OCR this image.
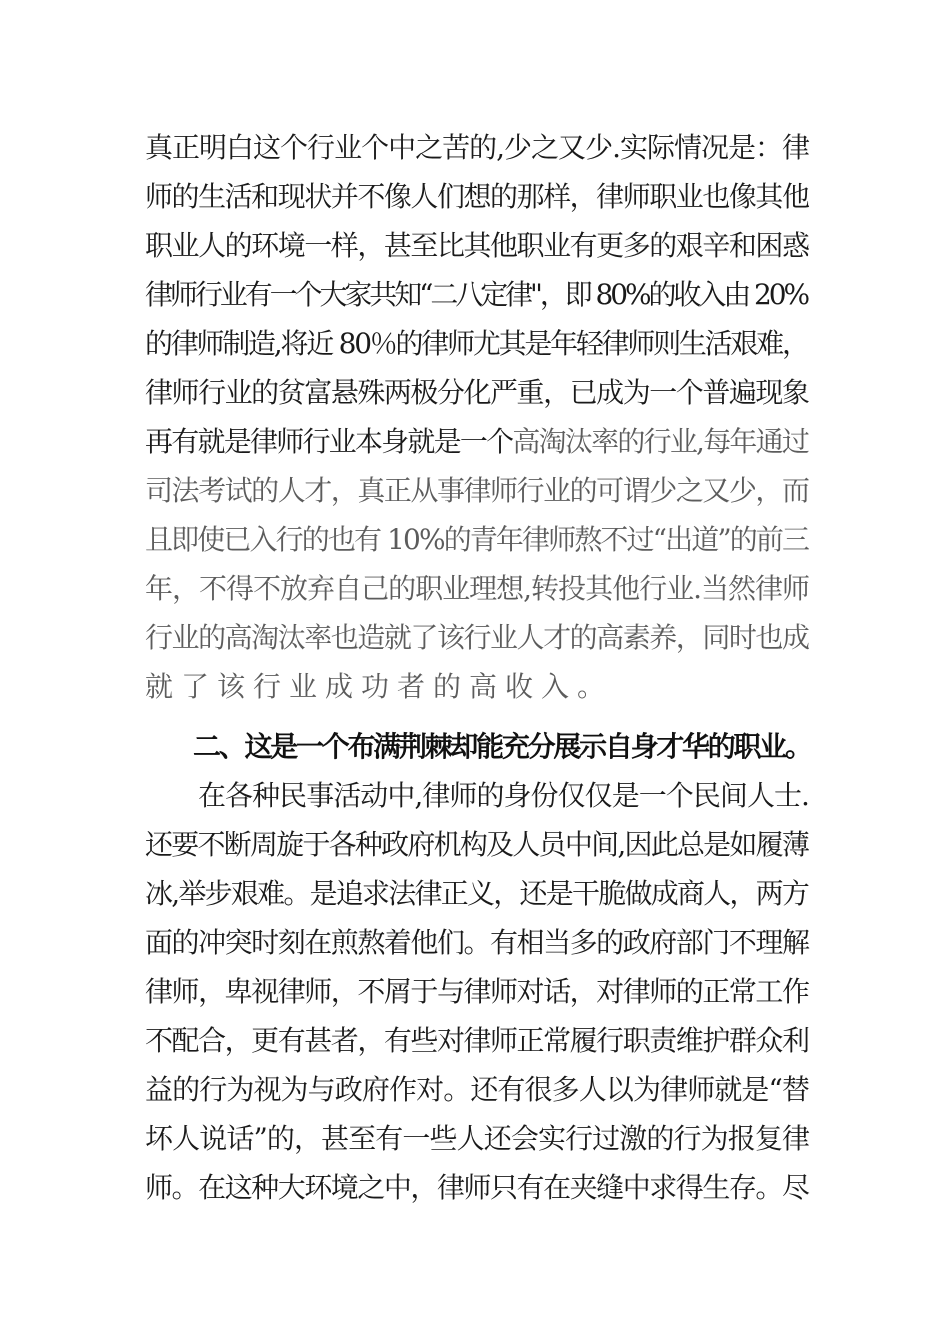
真正明白这个行业个中之苦的,少之又少.实际情况是：律
师的生活和现状并不像人们想的那样，律师职业也像其他
职业人的环境一样，甚至比其他职业有更多的艰辛和困惑
律师行业有一个大家共知“二八定律"，即 80%的收入由 20%
的律师制造,将近 80％的律师尤其是年轻律师则生活艰难，
律师行业的贫富悬殊两极分化严重，已成为一个普遍现象
再有就是律师行业本身就是一个高淘汰率的行业,每年通过
司法考试的人才，真正从事律师行业的可谓少之又少，而
且即使已入行的也有 10%的青年律师熬不过“出道”的前三
年，不得不放弃自己的职业理想,转投其他行业.当然律师
行业的高淘汰率也造就了该行业人才的高素养，同时也成
就了该行业成功者的高收入。
二、这是一个布满荆棘却能充分展示自身才华的职业。
在各种民事活动中,律师的身份仅仅是一个民间人士.
还要不断周旋于各种政府机构及人员中间,因此总是如履薄
冰,举步艰难。是追求法律正义，还是干脆做成商人，两方
面的冲突时刻在煎熬着他们。有相当多的政府部门不理解
律师，卑视律师，不屑于与律师对话，对律师的正常工作
不配合，更有甚者，有些对律师正常履行职责维护群众利
益的行为视为与政府作对。还有很多人以为律师就是“替
坏人说话”的，甚至有一些人还会实行过激的行为报复律
师。在这种大环境之中，律师只有在夹缝中求得生存。尽
